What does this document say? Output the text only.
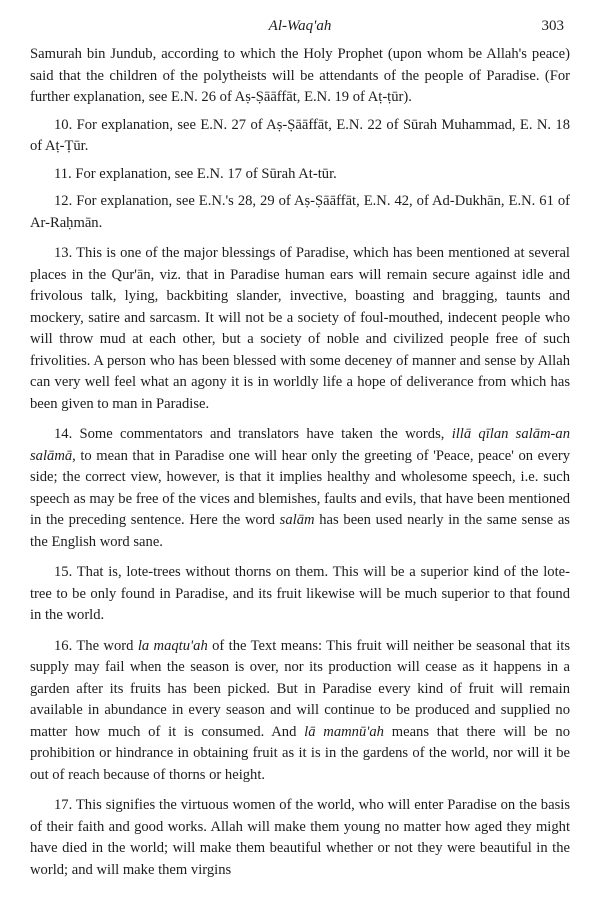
Al-Waq'ah	303

Samurah bin Jundub, according to which the Holy Prophet (upon whom be Allah's peace) said that the children of the polytheists will be attendants of the people of Paradise. (For further explanation, see E.N. 26 of Aṣ-Ṣāāffāt, E.N. 19 of Aṭ-ṭūr).

10. For explanation, see E.N. 27 of Aṣ-Ṣāāffāt, E.N. 22 of Sūrah Muhammad, E. N. 18 of Aṭ-Ṭūr.

11. For explanation, see E.N. 17 of Sūrah At-tūr.

12. For explanation, see E.N.'s 28, 29 of Aṣ-Ṣāāffāt, E.N. 42, of Ad-Dukhān, E.N. 61 of Ar-Raḥmān.

13. This is one of the major blessings of Paradise, which has been mentioned at several places in the Qur'ān, viz. that in Paradise human ears will remain secure against idle and frivolous talk, lying, backbiting slander, invective, boasting and bragging, taunts and mockery, satire and sarcasm. It will not be a society of foul-mouthed, indecent people who will throw mud at each other, but a society of noble and civilized people free of such frivolities. A person who has been blessed with some deceney of manner and sense by Allah can very well feel what an agony it is in worldly life a hope of deliverance from which has been given to man in Paradise.

14. Some commentators and translators have taken the words, illā qīlan salām-an salāmā, to mean that in Paradise one will hear only the greeting of 'Peace, peace' on every side; the correct view, however, is that it implies healthy and wholesome speech, i.e. such speech as may be free of the vices and blemishes, faults and evils, that have been mentioned in the preceding sentence. Here the word salām has been used nearly in the same sense as the English word sane.

15. That is, lote-trees without thorns on them. This will be a superior kind of the lote-tree to be only found in Paradise, and its fruit likewise will be much superior to that found in the world.

16. The word la maqtu'ah of the Text means: This fruit will neither be seasonal that its supply may fail when the season is over, nor its production will cease as it happens in a garden after its fruits has been picked. But in Paradise every kind of fruit will remain available in abundance in every season and will continue to be produced and supplied no matter how much of it is consumed. And lā mamnū'ah means that there will be no prohibition or hindrance in obtaining fruit as it is in the gardens of the world, nor will it be out of reach because of thorns or height.

17. This signifies the virtuous women of the world, who will enter Paradise on the basis of their faith and good works. Allah will make them young no matter how aged they might have died in the world; will make them beautiful whether or not they were beautiful in the world; and will make them virgins
